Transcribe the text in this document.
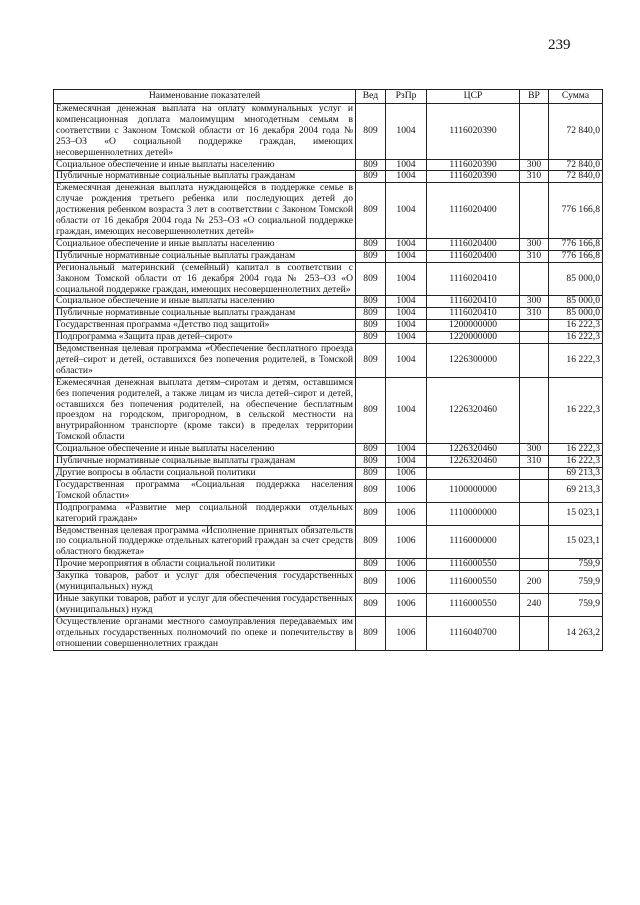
239
Наименование показателей	Вед	РзПр	ЦСР	ВР	Сумма
Ежемесячная денежная выплата на оплату коммунальных услуг и компенсационная доплата малоимущим многодетным семьям в соответствии с Законом Томской области от 16 декабря 2004 года № 253–ОЗ «О социальной поддержке граждан, имеющих несовершеннолетних детей»	809	1004	1116020390		72 840,0
Социальное обеспечение и иные выплаты населению	809	1004	1116020390	300	72 840,0
Публичные нормативные социальные выплаты гражданам	809	1004	1116020390	310	72 840,0
Ежемесячная денежная выплата нуждающейся в поддержке семье в случае рождения третьего ребенка или последующих детей до достижения ребенком возраста 3 лет в соответствии с Законом Томской области от 16 декабря 2004 года № 253–ОЗ «О социальной поддержке граждан, имеющих несовершеннолетних детей»	809	1004	1116020400		776 166,8
Социальное обеспечение и иные выплаты населению	809	1004	1116020400	300	776 166,8
Публичные нормативные социальные выплаты гражданам	809	1004	1116020400	310	776 166,8
Региональный материнский (семейный) капитал в соответствии с Законом Томской области от 16 декабря 2004 года № 253–ОЗ «О социальной поддержке граждан, имеющих несовершеннолетних детей»	809	1004	1116020410		85 000,0
Социальное обеспечение и иные выплаты населению	809	1004	1116020410	300	85 000,0
Публичные нормативные социальные выплаты гражданам	809	1004	1116020410	310	85 000,0
Государственная программа «Детство под защитой»	809	1004	1200000000		16 222,3
Подпрограмма «Защита прав детей–сирот»	809	1004	1220000000		16 222,3
Ведомственная целевая программа «Обеспечение бесплатного проезда детей–сирот и детей, оставшихся без попечения родителей, в Томской области»	809	1004	1226300000		16 222,3
Ежемесячная денежная выплата детям–сиротам и детям, оставшимся без попечения родителей, а также лицам из числа детей–сирот и детей, оставшихся без попечения родителей, на обеспечение бесплатным проездом на городском, пригородном, в сельской местности на внутрирайонном транспорте (кроме такси) в пределах территории Томской области	809	1004	1226320460		16 222,3
Социальное обеспечение и иные выплаты населению	809	1004	1226320460	300	16 222,3
Публичные нормативные социальные выплаты гражданам	809	1004	1226320460	310	16 222,3
Другие вопросы в области социальной политики	809	1006			69 213,3
Государственная программа «Социальная поддержка населения Томской области»	809	1006	1100000000		69 213,3
Подпрограмма «Развитие мер социальной поддержки отдельных категорий граждан»	809	1006	1110000000		15 023,1
Ведомственная целевая программа «Исполнение принятых обязательств по социальной поддержке отдельных категорий граждан за счет средств областного бюджета»	809	1006	1116000000		15 023,1
Прочие мероприятия в области социальной политики	809	1006	1116000550		759,9
Закупка товаров, работ и услуг для обеспечения государственных (муниципальных) нужд	809	1006	1116000550	200	759,9
Иные закупки товаров, работ и услуг для обеспечения государственных (муниципальных) нужд	809	1006	1116000550	240	759,9
Осуществление органами местного самоуправления передаваемых им отдельных государственных полномочий по опеке и попечительству в отношении совершеннолетних граждан	809	1006	1116040700		14 263,2
